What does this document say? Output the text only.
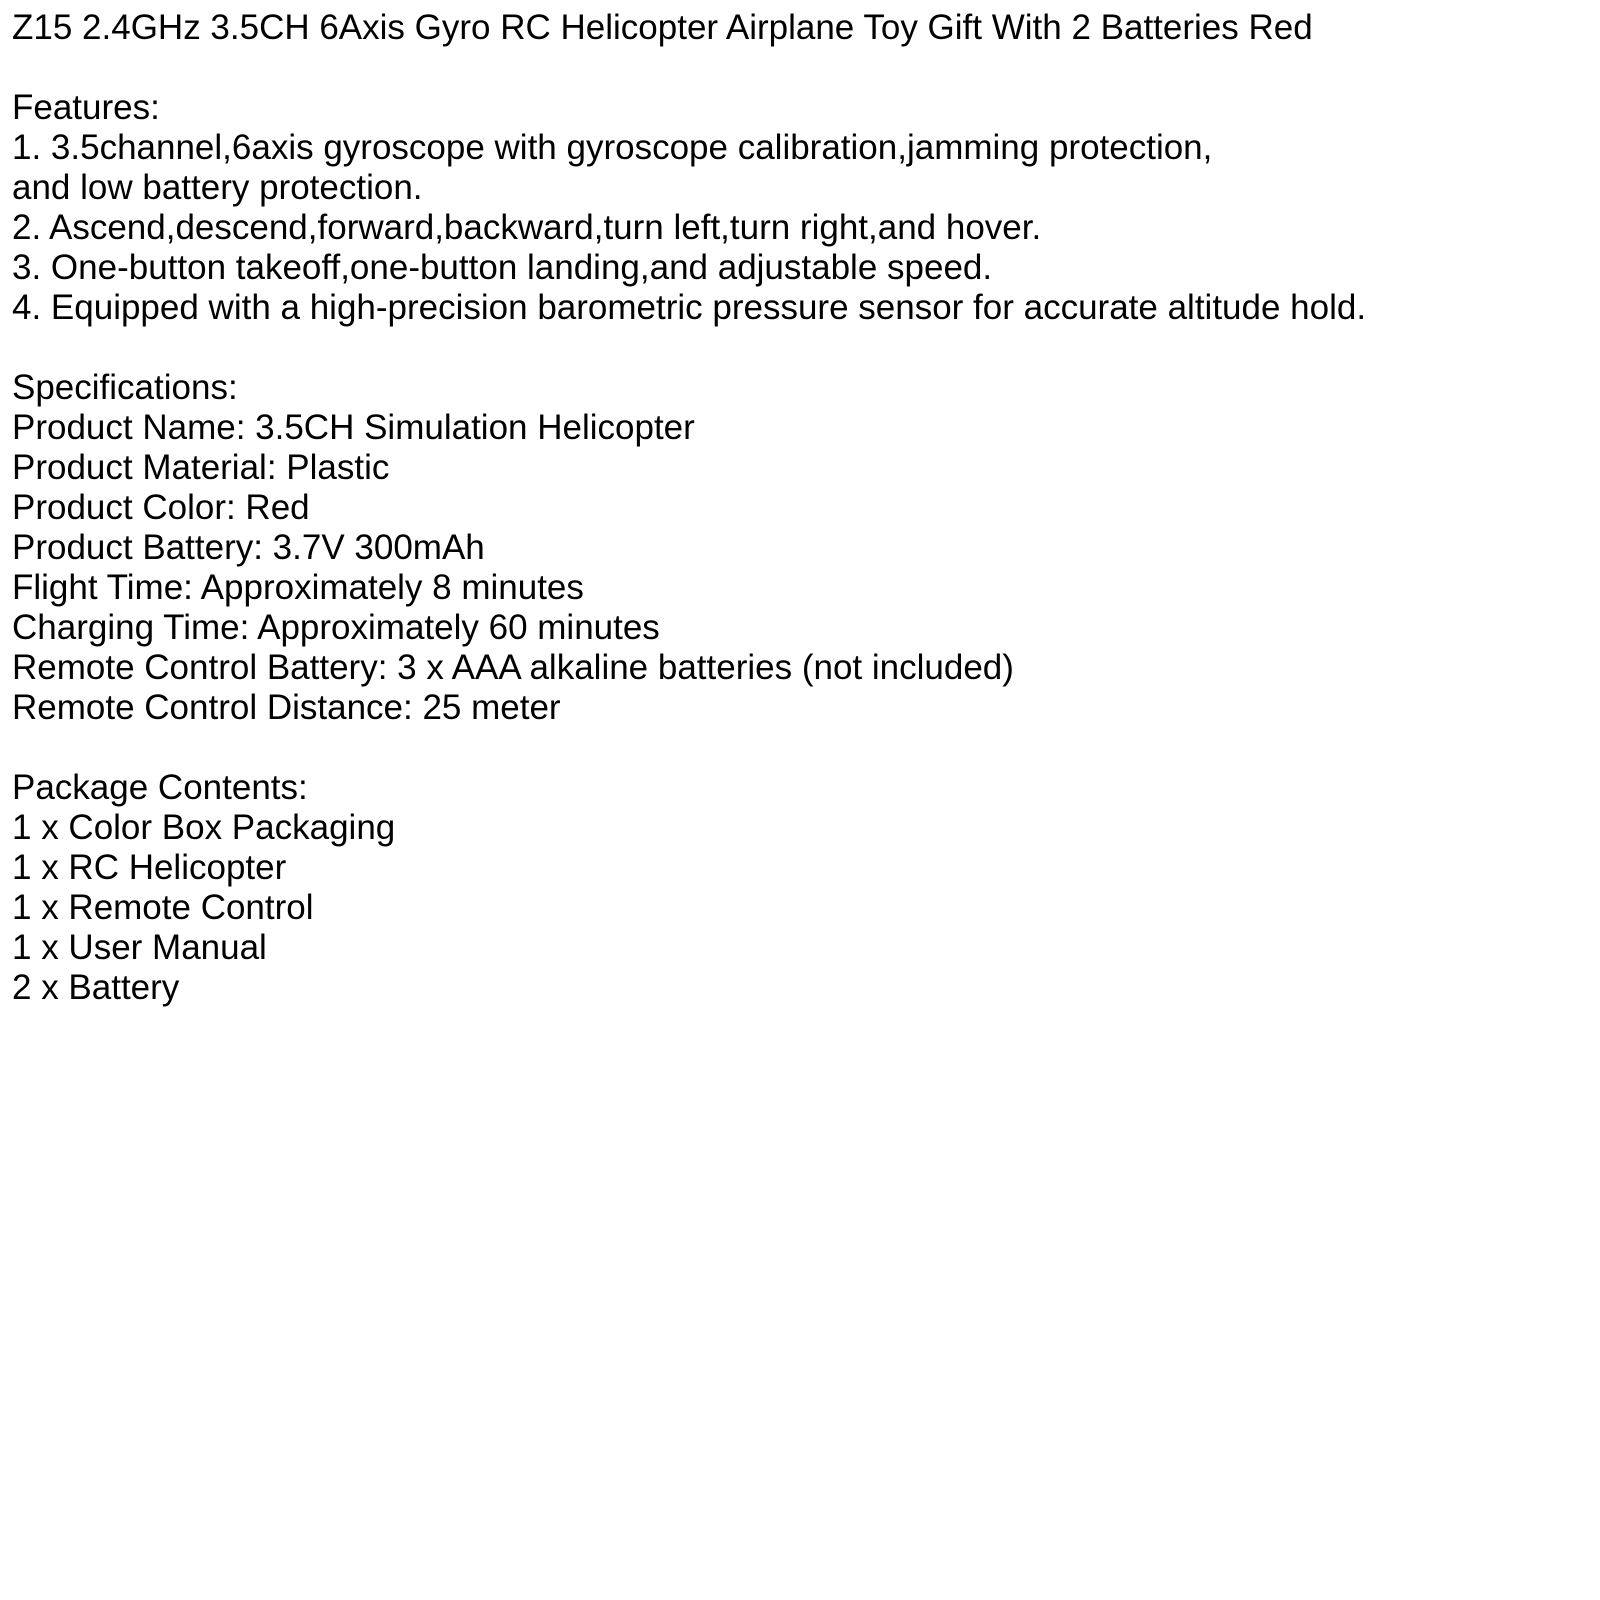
Z15 2.4GHz 3.5CH 6Axis Gyro RC Helicopter Airplane Toy Gift With 2 Batteries Red
Features:
1. 3.5channel,6axis gyroscope with gyroscope calibration,jamming protection,
and low battery protection.
2. Ascend,descend,forward,backward,turn left,turn right,and hover.
3. One-button takeoff,one-button landing,and adjustable speed.
4. Equipped with a high-precision barometric pressure sensor for accurate altitude hold.
Specifications:
Product Name: 3.5CH Simulation Helicopter
Product Material: Plastic
Product Color: Red
Product Battery: 3.7V 300mAh
Flight Time: Approximately 8 minutes
Charging Time: Approximately 60 minutes
Remote Control Battery: 3 x AAA alkaline batteries (not included)
Remote Control Distance: 25 meter
Package Contents:
1 x Color Box Packaging
1 x RC Helicopter
1 x Remote Control
1 x User Manual
2 x Battery
